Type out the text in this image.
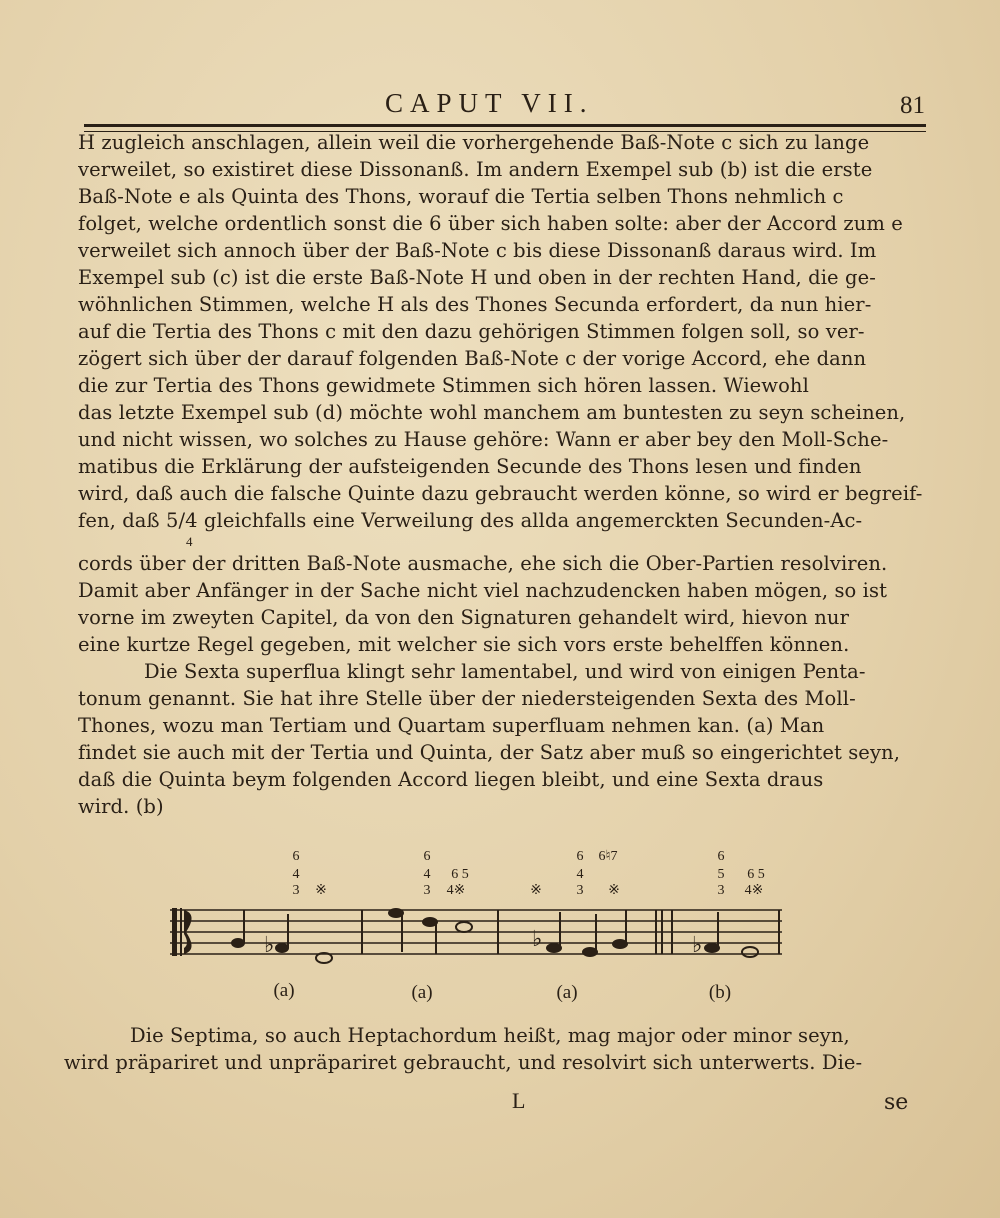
CAPUT VII.	81
H zugleich anschlagen, allein weil die vorhergehende Baß-Note c sich zu lange
verweilet, so existiret diese Dissonanß. Im andern Exempel sub (b) ist die erste
Baß-Note e als Quinta des Thons, worauf die Tertia selben Thons nehmlich c
folget, welche ordentlich sonst die 6 über sich haben solte: aber der Accord zum e
verweilet sich annoch über der Baß-Note c bis diese Dissonanß daraus wird. Im
Exempel sub (c) ist die erste Baß-Note H und oben in der rechten Hand, die ge-
wöhnlichen Stimmen, welche H als des Thones Secunda erfordert, da nun hier-
auf die Tertia des Thons c mit den dazu gehörigen Stimmen folgen soll, so ver-
zögert sich über der darauf folgenden Baß-Note c der vorige Accord, ehe dann
die zur Tertia des Thons gewidmete Stimmen sich hören lassen. Wiewohl
das letzte Exempel sub (d) möchte wohl manchem am buntesten zu seyn scheinen,
und nicht wissen, wo solches zu Hause gehöre: Wann er aber bey den Moll-Sche-
matibus die Erklärung der aufsteigenden Secunde des Thons lesen und finden
wird, daß auch die falsche Quinte dazu gebraucht werden könne, so wird er begreif-
fen, daß 5/4 gleichfalls eine Verweilung des allda angemerckten Secunden-Ac-
4
cords über der dritten Baß-Note ausmache, ehe sich die Ober-Partien resolviren.
Damit aber Anfänger in der Sache nicht viel nachzudencken haben mögen, so ist
vorne im zweyten Capitel, da von den Signaturen gehandelt wird, hievon nur
eine kurtze Regel gegeben, mit welcher sie sich vors erste behelffen können.
Die Sexta superflua klingt sehr lamentabel, und wird von einigen Penta-
tonum genannt. Sie hat ihre Stelle über der niedersteigenden Sexta des Moll-
Thones, wozu man Tertiam und Quartam superfluam nehmen kan. (a) Man
findet sie auch mit der Tertia und Quinta, der Satz aber muß so eingerichtet seyn,
daß die Quinta beym folgenden Accord liegen bleibt, und eine Sexta draus
wird. (b)
6
4
3 ※
6
4
3
6 5
4※	※
6
4
3
6♮7
※
6
5
3
6 5
4※
♭	♭	♭
(a)	(a)	(a)	(b)
Die Septima, so auch Heptachordum heißt, mag major oder minor seyn,
wird präpariret und unpräpariret gebraucht, und resolvirt sich unterwerts. Die-
L	se
